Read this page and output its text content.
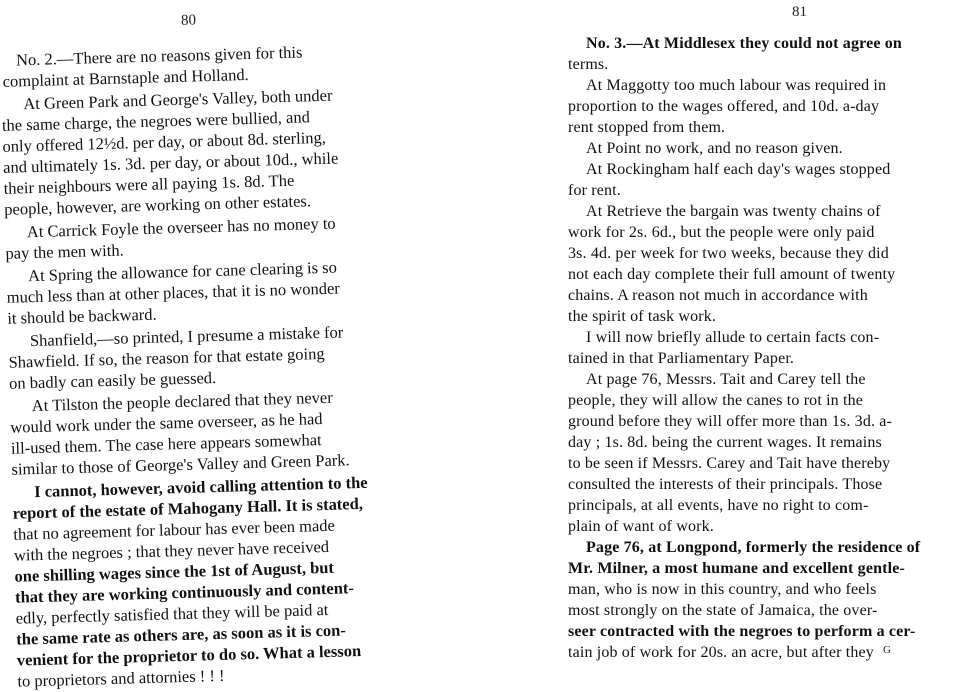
80
No. 2.—There are no reasons given for this
complaint at Barnstaple and Holland.
At Green Park and George's Valley, both under
the same charge, the negroes were bullied, and
only offered 12½d. per day, or about 8d. sterling,
and ultimately 1s. 3d. per day, or about 10d., while
their neighbours were all paying 1s. 8d. The
people, however, are working on other estates.
At Carrick Foyle the overseer has no money to
pay the men with.
At Spring the allowance for cane clearing is so
much less than at other places, that it is no wonder
it should be backward.
Shanfield,—so printed, I presume a mistake for
Shawfield. If so, the reason for that estate going
on badly can easily be guessed.
At Tilston the people declared that they never
would work under the same overseer, as he had
ill-used them. The case here appears somewhat
similar to those of George's Valley and Green Park.
I cannot, however, avoid calling attention to the
report of the estate of Mahogany Hall. It is stated,
that no agreement for labour has ever been made
with the negroes ; that they never have received
one shilling wages since the 1st of August, but
that they are working continuously and content-
edly, perfectly satisfied that they will be paid at
the same rate as others are, as soon as it is con-
venient for the proprietor to do so. What a lesson
to proprietors and attornies ! ! !
81
No. 3.—At Middlesex they could not agree on
terms.
At Maggotty too much labour was required in
proportion to the wages offered, and 10d. a-day
rent stopped from them.
At Point no work, and no reason given.
At Rockingham half each day's wages stopped
for rent.
At Retrieve the bargain was twenty chains of
work for 2s. 6d., but the people were only paid
3s. 4d. per week for two weeks, because they did
not each day complete their full amount of twenty
chains. A reason not much in accordance with
the spirit of task work.
I will now briefly allude to certain facts con-
tained in that Parliamentary Paper.
At page 76, Messrs. Tait and Carey tell the
people, they will allow the canes to rot in the
ground before they will offer more than 1s. 3d. a-
day ; 1s. 8d. being the current wages. It remains
to be seen if Messrs. Carey and Tait have thereby
consulted the interests of their principals. Those
principals, at all events, have no right to com-
plain of want of work.
Page 76, at Longpond, formerly the residence of
Mr. Milner, a most humane and excellent gentle-
man, who is now in this country, and who feels
most strongly on the state of Jamaica, the over-
seer contracted with the negroes to perform a cer-
tain job of work for 20s. an acre, but after they G
